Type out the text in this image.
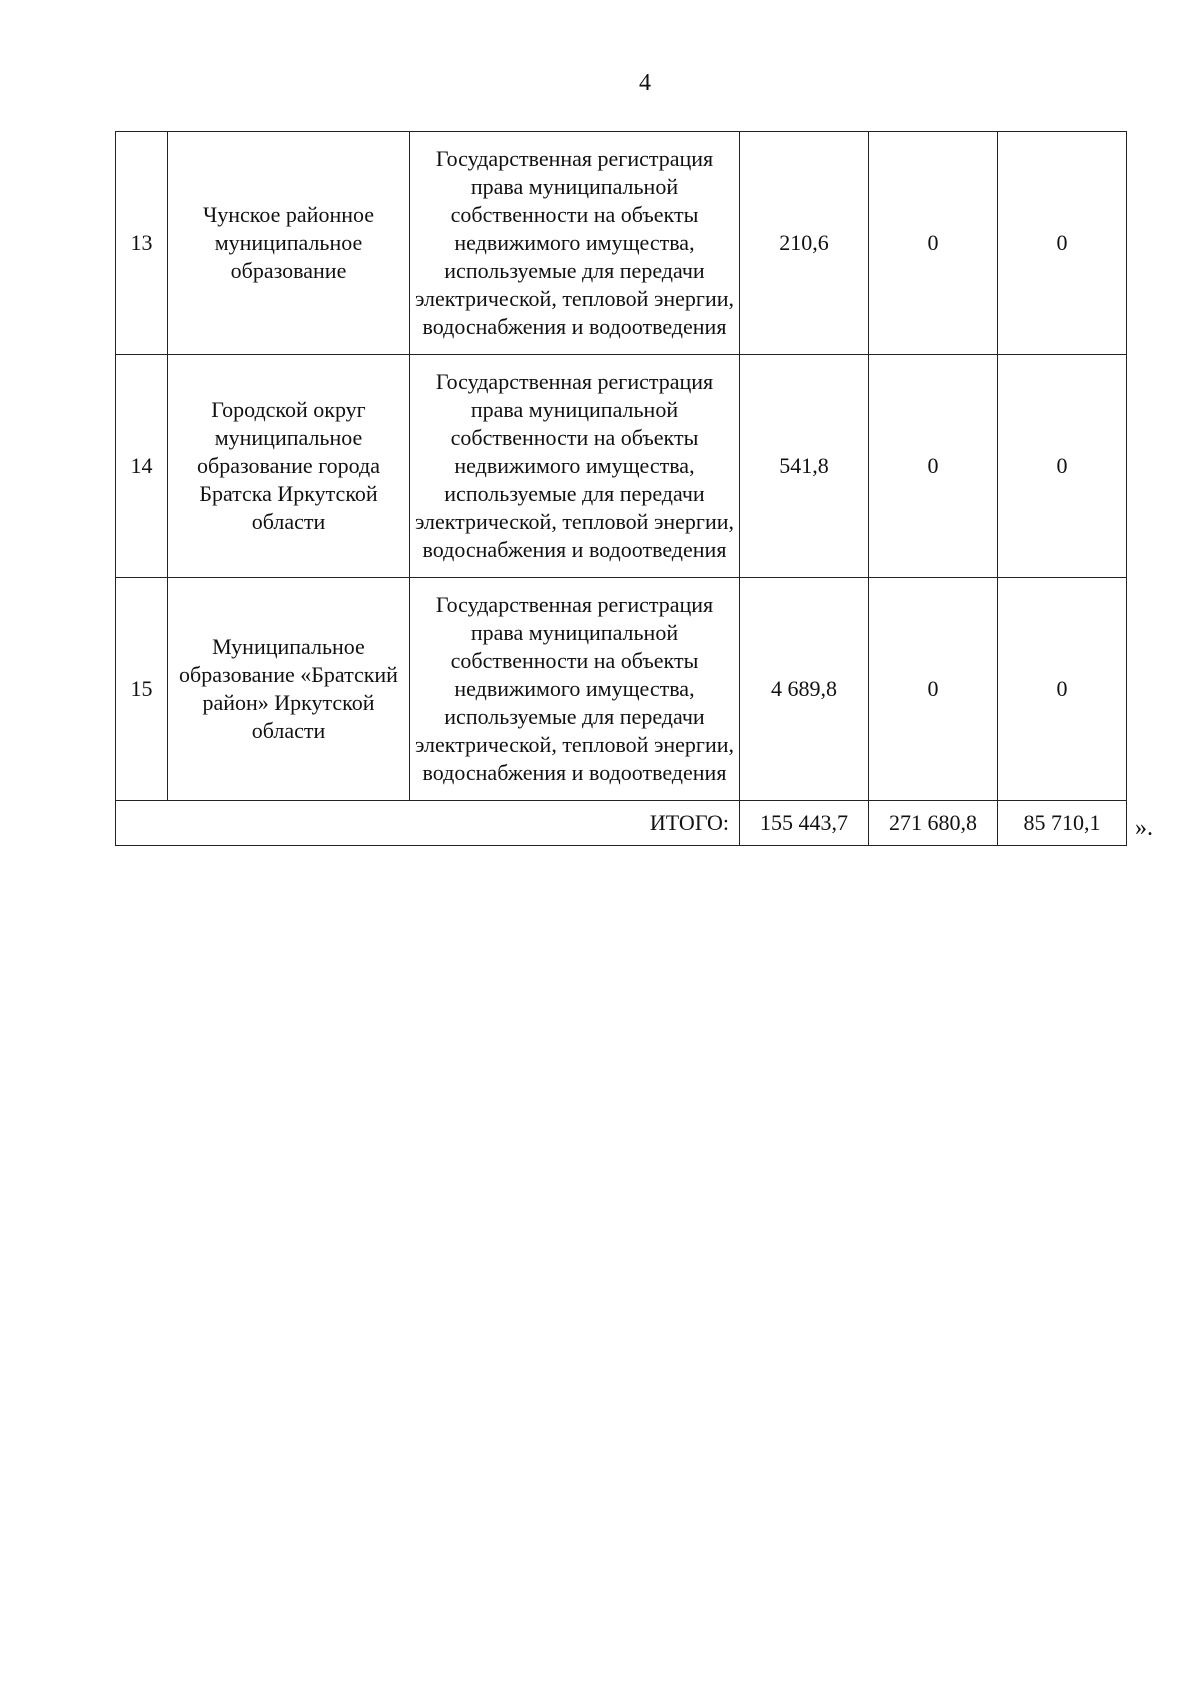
4
13	Чунское районное муниципальное образование	Государственная регистрация права муниципальной собственности на объекты недвижимого имущества, используемые для передачи электрической, тепловой энергии, водоснабжения и водоотведения	210,6	0	0
14	Городской округ муниципальное образование города Братска Иркутской области	Государственная регистрация права муниципальной собственности на объекты недвижимого имущества, используемые для передачи электрической, тепловой энергии, водоснабжения и водоотведения	541,8	0	0
15	Муниципальное образование «Братский район» Иркутской области	Государственная регистрация права муниципальной собственности на объекты недвижимого имущества, используемые для передачи электрической, тепловой энергии, водоснабжения и водоотведения	4 689,8	0	0
ИТОГО:			155 443,7	271 680,8	85 710,1 ».
